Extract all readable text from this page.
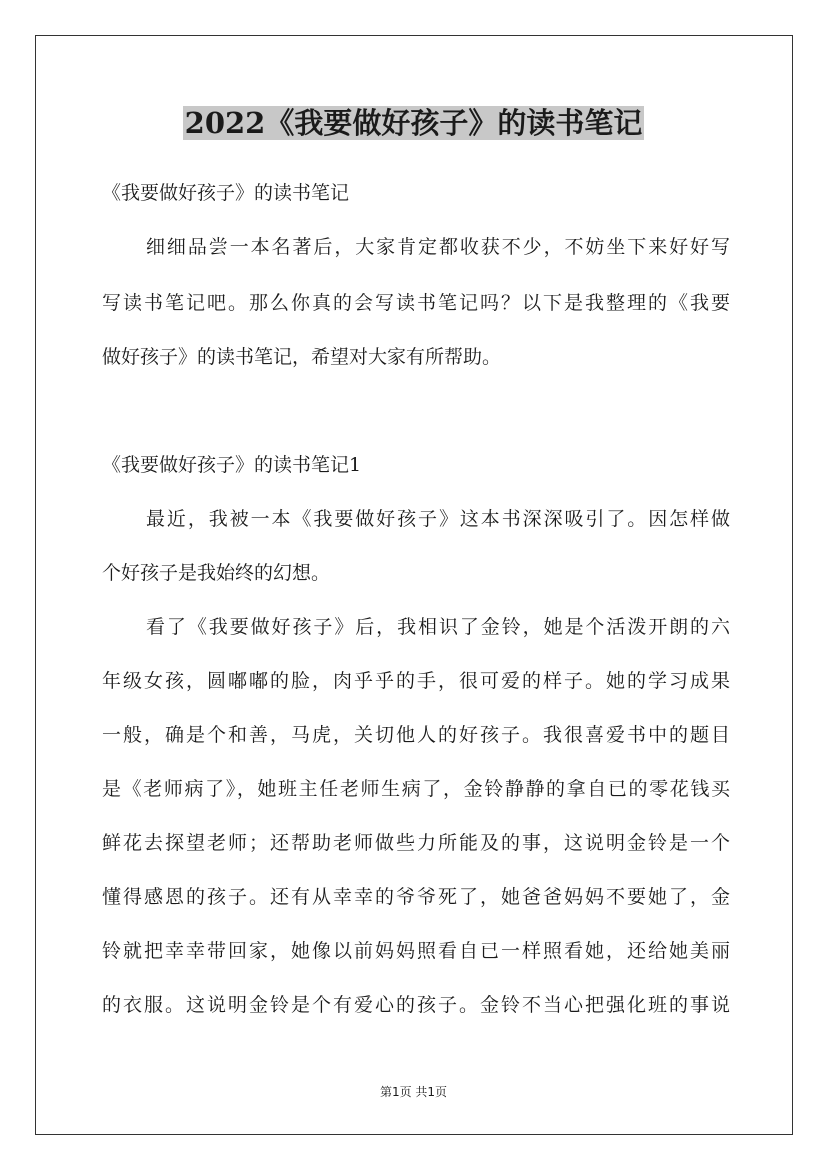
2022《我要做好孩子》的读书笔记
《我要做好孩子》的读书笔记
细细品尝一本名著后，大家肯定都收获不少，不妨坐下来好好写
写读书笔记吧。那么你真的会写读书笔记吗？以下是我整理的《我要
做好孩子》的读书笔记，希望对大家有所帮助。
《我要做好孩子》的读书笔记1
最近，我被一本《我要做好孩子》这本书深深吸引了。因怎样做
个好孩子是我始终的幻想。
看了《我要做好孩子》后，我相识了金铃，她是个活泼开朗的六
年级女孩，圆嘟嘟的脸，肉乎乎的手，很可爱的样子。她的学习成果
一般，确是个和善，马虎，关切他人的好孩子。我很喜爱书中的题目
是《老师病了》，她班主任老师生病了，金铃静静的拿自已的零花钱买
鲜花去探望老师；还帮助老师做些力所能及的事，这说明金铃是一个
懂得感恩的孩子。还有从幸幸的爷爷死了，她爸爸妈妈不要她了，金
铃就把幸幸带回家，她像以前妈妈照看自已一样照看她，还给她美丽
的衣服。这说明金铃是个有爱心的孩子。金铃不当心把强化班的事说
第1页 共1页
